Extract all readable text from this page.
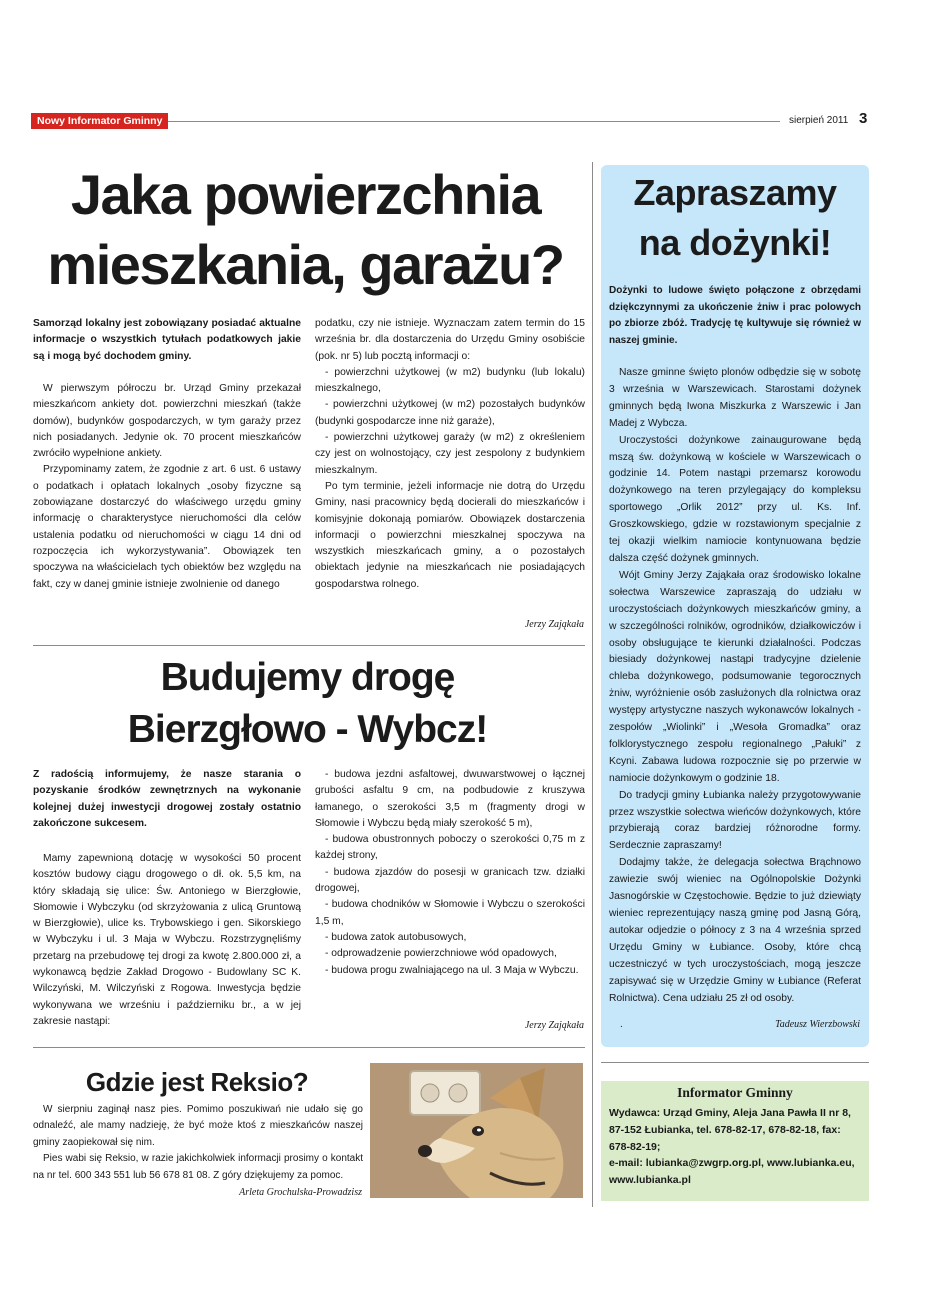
Nowy Informator Gminny	sierpień 2011 3
Jaka powierzchnia
mieszkania, garażu?
Samorząd lokalny jest zobowiązany posiadać aktualne informacje o wszystkich tytułach podatkowych jakie są i mogą być dochodem gminy.

W pierwszym półroczu br. Urząd Gminy przekazał mieszkańcom ankiety dot. powierzchni mieszkań (także domów), budynków gospodarczych, w tym garaży przez nich posiadanych. Jedynie ok. 70 procent mieszkańców zwróciło wypełnione ankiety.

Przypominamy zatem, że zgodnie z art. 6 ust. 6 ustawy o podatkach i opłatach lokalnych „osoby fizyczne są zobowiązane dostarczyć do właściwego urzędu gminy informację o charakterystyce nieruchomości dla celów ustalenia podatku od nieruchomości w ciągu 14 dni od rozpoczęcia ich wykorzystywania”. Obowiązek ten spoczywa na właścicielach tych obiektów bez względu na fakt, czy w danej gminie istnieje zwolnienie od danego

podatku, czy nie istnieje. Wyznaczam zatem termin do 15 września br. dla dostarczenia do Urzędu Gminy osobiście (pok. nr 5) lub pocztą informacji o:

- powierzchni użytkowej (w m2) budynku (lub lokalu) mieszkalnego,

- powierzchni użytkowej (w m2) pozostałych budynków (budynki gospodarcze inne niż garaże),

- powierzchni użytkowej garaży (w m2) z określeniem czy jest on wolnostojący, czy jest zespolony z budynkiem mieszkalnym.

Po tym terminie, jeżeli informacje nie dotrą do Urzędu Gminy, nasi pracownicy będą docierali do mieszkańców i komisyjnie dokonają pomiarów. Obowiązek dostarczenia informacji o powierzchni mieszkalnej spoczywa na wszystkich mieszkańcach gminy, a o pozostałych obiektach jedynie na mieszkańcach nie posiadających gospodarstwa rolnego.

Jerzy Zająkała
Budujemy drogę
Bierzgłowo - Wybcz!
Z radością informujemy, że nasze starania o pozyskanie środków zewnętrznych na wykonanie kolejnej dużej inwestycji drogowej zostały ostatnio zakończone sukcesem.

Mamy zapewnioną dotację w wysokości 50 procent kosztów budowy ciągu drogowego o dł. ok. 5,5 km, na który składają się ulice: Św. Antoniego w Bierzgłowie, Słomowie i Wybczyku (od skrzyżowania z ulicą Gruntową w Bierzgłowie), ulice ks. Trybowskiego i gen. Sikorskiego w Wybczyku i ul. 3 Maja w Wybczu. Rozstrzygnęliśmy przetarg na przebudowę tej drogi za kwotę 2.800.000 zł, a wykonawcą będzie Zakład Drogowo - Budowlany SC K. Wilczyński, M. Wilczyński z Rogowa. Inwestycja będzie wykonywana we wrześniu i październiku br., a w jej zakresie nastąpi:

- budowa jezdni asfaltowej, dwuwarstwowej o łącznej grubości asfaltu 9 cm, na podbudowie z kruszywa łamanego, o szerokości 3,5 m (fragmenty drogi w Słomowie i Wybczu będą miały szerokość 5 m),

- budowa obustronnych poboczy o szerokości 0,75 m z każdej strony,

- budowa zjazdów do posesji w granicach tzw. działki drogowej,

- budowa chodników w Słomowie i Wybczu o szerokości 1,5 m,

- budowa zatok autobusowych,

- odprowadzenie powierzchniowe wód opadowych,

- budowa progu zwalniającego na ul. 3 Maja w Wybczu.

Jerzy Zająkała
Gdzie jest Reksio?

W sierpniu zaginął nasz pies. Pomimo poszukiwań nie udało się go odnaleźć, ale mamy nadzieję, że być może ktoś z mieszkańców naszej gminy zaopiekował się nim.

Pies wabi się Reksio, w razie jakichkolwiek informacji prosimy o kontakt na nr tel. 600 343 551 lub 56 678 81 08. Z góry dziękujemy za pomoc.

Arleta Grochulska-Prowadzisz
Zapraszamy
na dożynki!
Dożynki to ludowe święto połączone z obrzędami dziękczynnymi za ukończenie żniw i prac polowych po zbiorze zbóż. Tradycję tę kultywuje się również w naszej gminie.

Nasze gminne święto plonów odbędzie się w sobotę 3 września w Warszewicach. Starostami dożynek gminnych będą Iwona Miszkurka z Warszewic i Jan Madej z Wybcza.

Uroczystości dożynkowe zainaugurowane będą mszą św. dożynkową w kościele w Warszewicach o godzinie 14. Potem nastąpi przemarsz korowodu dożynkowego na teren przylegający do kompleksu sportowego „Orlik 2012” przy ul. Ks. Inf. Groszkowskiego, gdzie w rozstawionym specjalnie z tej okazji wielkim namiocie kontynuowana będzie dalsza część dożynek gminnych.

Wójt Gminy Jerzy Zająkała oraz środowisko lokalne sołectwa Warszewice zapraszają do udziału w uroczystościach dożynkowych mieszkańców gminy, a w szczególności rolników, ogrodników, działkowiczów i osoby obsługujące te kierunki działalności. Podczas biesiady dożynkowej nastąpi tradycyjne dzielenie chleba dożynkowego, podsumowanie tegorocznych żniw, wyróżnienie osób zasłużonych dla rolnictwa oraz występy artystyczne naszych wykonawców lokalnych - zespołów „Wiolinki” i „Wesoła Gromadka” oraz folklorystycznego zespołu regionalnego „Pałuki” z Kcyni. Zabawa ludowa rozpocznie się po przerwie w namiocie dożynkowym o godzinie 18.

Do tradycji gminy Łubianka należy przygotowywanie przez wszystkie sołectwa wieńców dożynkowych, które przybierają coraz bardziej różnorodne formy. Serdecznie zapraszamy!

Dodajmy także, że delegacja sołectwa Brąchnowo zawiezie swój wieniec na Ogólnopolskie Dożynki Jasnogórskie w Częstochowie. Będzie to już dziewiąty wieniec reprezentujący naszą gminę pod Jasną Górą, autokar odjedzie o północy z 3 na 4 września sprzed Urzędu Gminy w Łubiance. Osoby, które chcą uczestniczyć w tych uroczystościach, mogą jeszcze zapisywać się w Urzędzie Gminy w Łubiance (Referat Rolnictwa). Cena udziału 25 zł od osoby.

.	Tadeusz Wierzbowski
Informator Gminny
Wydawca: Urząd Gminy, Aleja Jana Pawła II nr 8, 87-152 Łubianka, tel. 678-82-17, 678-82-18, fax: 678-82-19;
e-mail: lubianka@zwgrp.org.pl, www.lubianka.eu, www.lubianka.pl
